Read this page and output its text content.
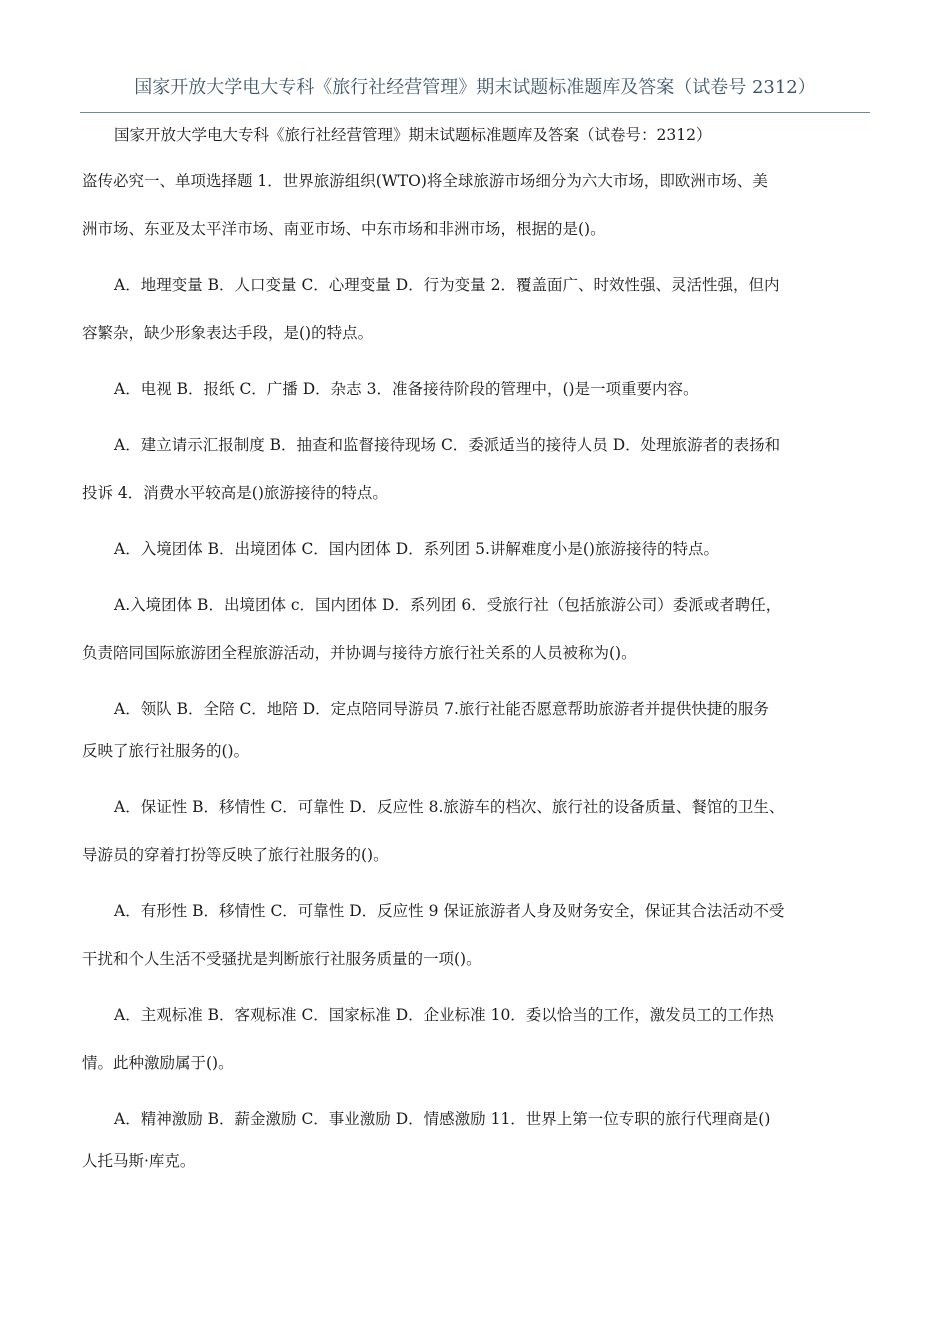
国家开放大学电大专科《旅行社经营管理》期末试题标准题库及答案（试卷号 2312）
国家开放大学电大专科《旅行社经营管理》期末试题标准题库及答案（试卷号：2312）
盗传必究一、单项选择题 1．世界旅游组织(WTO)将全球旅游市场细分为六大市场，即欧洲市场、美
洲市场、东亚及太平洋市场、南亚市场、中东市场和非洲市场，根据的是()。
A．地理变量 B．人口变量 C．心理变量 D．行为变量 2．覆盖面广、时效性强、灵活性强，但内
容繁杂，缺少形象表达手段，是()的特点。
A．电视 B．报纸 C．广播 D．杂志 3．准备接待阶段的管理中，()是一项重要内容。
A．建立请示汇报制度 B．抽查和监督接待现场 C．委派适当的接待人员 D．处理旅游者的表扬和
投诉 4．消费水平较高是()旅游接待的特点。
A．入境团体 B．出境团体 C．国内团体 D．系列团 5.讲解难度小是()旅游接待的特点。
A.入境团体 B．出境团体 c．国内团体 D．系列团 6．受旅行社（包括旅游公司）委派或者聘任，
负责陪同国际旅游团全程旅游活动，并协调与接待方旅行社关系的人员被称为()。
A．领队 B．全陪 C．地陪 D．定点陪同导游员 7.旅行社能否愿意帮助旅游者并提供快捷的服务
反映了旅行社服务的()。
A．保证性 B．移情性 C．可靠性 D．反应性 8.旅游车的档次、旅行社的设备质量、餐馆的卫生、
导游员的穿着打扮等反映了旅行社服务的()。
A．有形性 B．移情性 C．可靠性 D．反应性 9 保证旅游者人身及财务安全，保证其合法活动不受
干扰和个人生活不受骚扰是判断旅行社服务质量的一项()。
A．主观标准 B．客观标准 C．国家标准 D．企业标准 10．委以恰当的工作，激发员工的工作热
情。此种激励属于()。
A．精神激励 B．薪金激励 C．事业激励 D．情感激励 11．世界上第一位专职的旅行代理商是()
人托马斯·库克。
